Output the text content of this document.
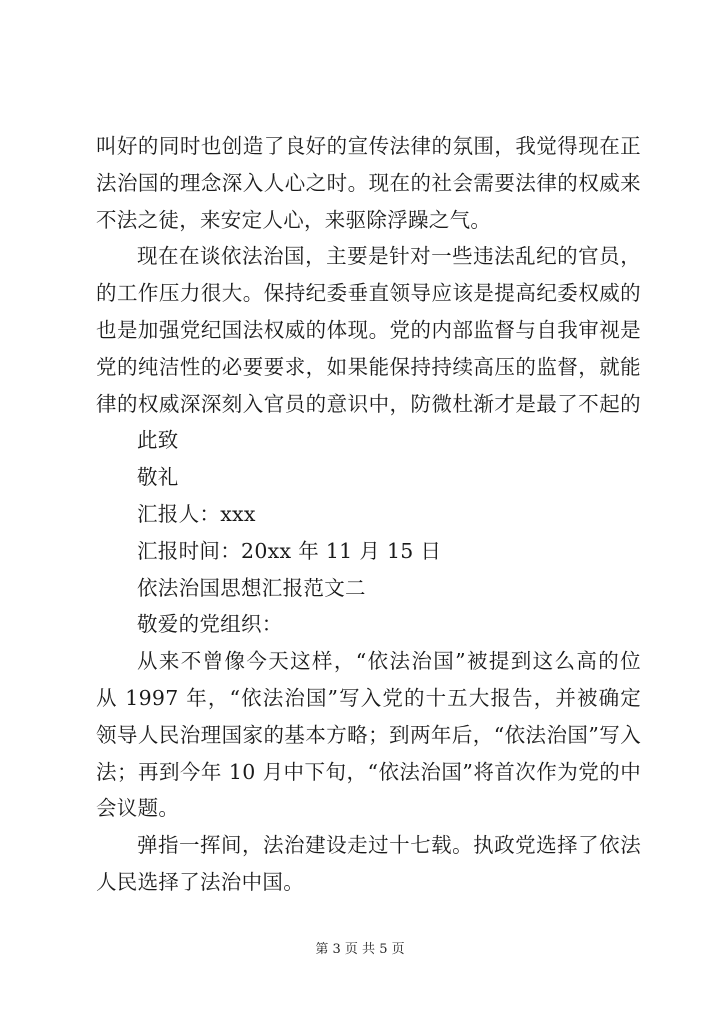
叫好的同时也创造了良好的宣传法律的氛围，我觉得现在正
法治国的理念深入人心之时。现在的社会需要法律的权威来
不法之徒，来安定人心，来驱除浮躁之气。
现在在谈依法治国，主要是针对一些违法乱纪的官员，
的工作压力很大。保持纪委垂直领导应该是提高纪委权威的
也是加强党纪国法权威的体现。党的内部监督与自我审视是
党的纯洁性的必要要求，如果能保持持续高压的监督，就能
律的权威深深刻入官员的意识中，防微杜渐才是最了不起的
此致
敬礼
汇报人：xxx
汇报时间：20xx 年 11 月 15 日
依法治国思想汇报范文二
敬爱的党组织：
从来不曾像今天这样，“依法治国”被提到这么高的位
从 1997 年，“依法治国”写入党的十五大报告，并被确定
领导人民治理国家的基本方略；到两年后，“依法治国”写入
法；再到今年 10 月中下旬，“依法治国”将首次作为党的中
会议题。
弹指一挥间，法治建设走过十七载。执政党选择了依法
人民选择了法治中国。
第 3 页 共 5 页
